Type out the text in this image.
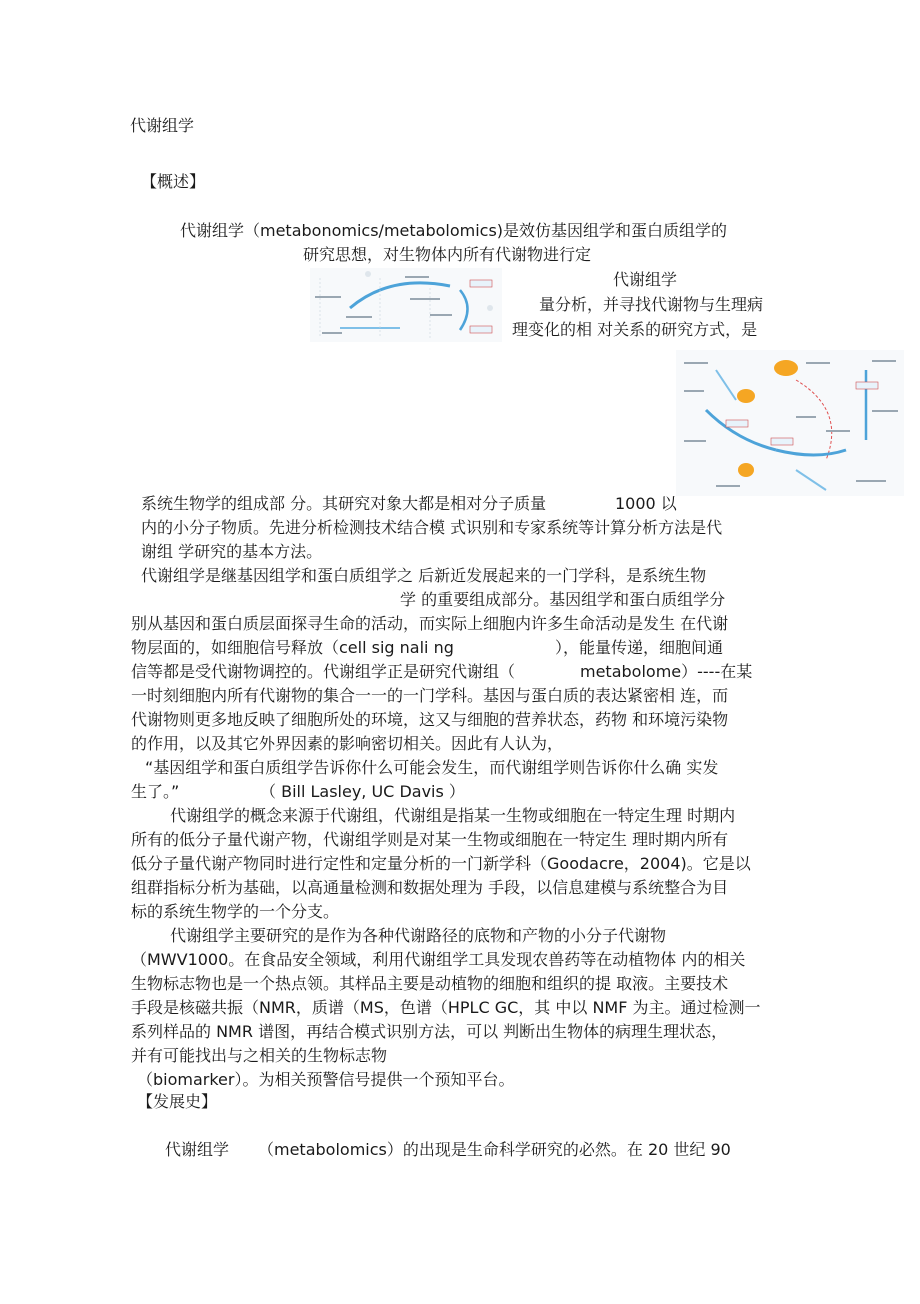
代谢组学
【概述】
代谢组学（metabonomics/metabolomics)是效仿基因组学和蛋白质组学的
研究思想，对生物体内所有代谢物进行定
代谢组学
量分析，并寻找代谢物与生理病
理变化的相 对关系的研究方式，是
系统生物学的组成部 分。其研究对象大都是相对分子质量	1000 以
内的小分子物质。先进分析检测技术结合模 式识别和专家系统等计算分析方法是代
谢组 学研究的基本方法。
代谢组学是继基因组学和蛋白质组学之 后新近发展起来的一门学科，是系统生物
学 的重要组成部分。基因组学和蛋白质组学分
别从基因和蛋白质层面探寻生命的活动，而实际上细胞内许多生命活动是发生 在代谢
物层面的，如细胞信号释放（cell sig nali ng	），能量传递，细胞间通
信等都是受代谢物调控的。代谢组学正是研究代谢组（	metabolome）----在某
一时刻细胞内所有代谢物的集合一一的一门学科。基因与蛋白质的表达紧密相 连，而
代谢物则更多地反映了细胞所处的环境，这又与细胞的营养状态，药物 和环境污染物
的作用，以及其它外界因素的影响密切相关。因此有人认为，
“基因组学和蛋白质组学告诉你什么可能会发生，而代谢组学则告诉你什么确 实发
生了。”	（ Bill Lasley, UC Davis ）
代谢组学的概念来源于代谢组，代谢组是指某一生物或细胞在一特定生理 时期内
所有的低分子量代谢产物，代谢组学则是对某一生物或细胞在一特定生 理时期内所有
低分子量代谢产物同时进行定性和定量分析的一门新学科（Goodacre，2004)。它是以
组群指标分析为基础，以高通量检测和数据处理为 手段，以信息建模与系统整合为目
标的系统生物学的一个分支。
代谢组学主要研究的是作为各种代谢路径的底物和产物的小分子代谢物
（MWV1000。在食品安全领域，利用代谢组学工具发现农兽药等在动植物体 内的相关
生物标志物也是一个热点领。其样品主要是动植物的细胞和组织的提 取液。主要技术
手段是核磁共振（NMR，质谱（MS，色谱（HPLC GC，其 中以 NMF 为主。通过检测一
系列样品的 NMR 谱图，再结合模式识别方法，可以 判断出生物体的病理生理状态，
并有可能找出与之相关的生物标志物
（biomarker）。为相关预警信号提供一个预知平台。
【发展史】
代谢组学 （metabolomics）的出现是生命科学研究的必然。在 20 世纪 90
